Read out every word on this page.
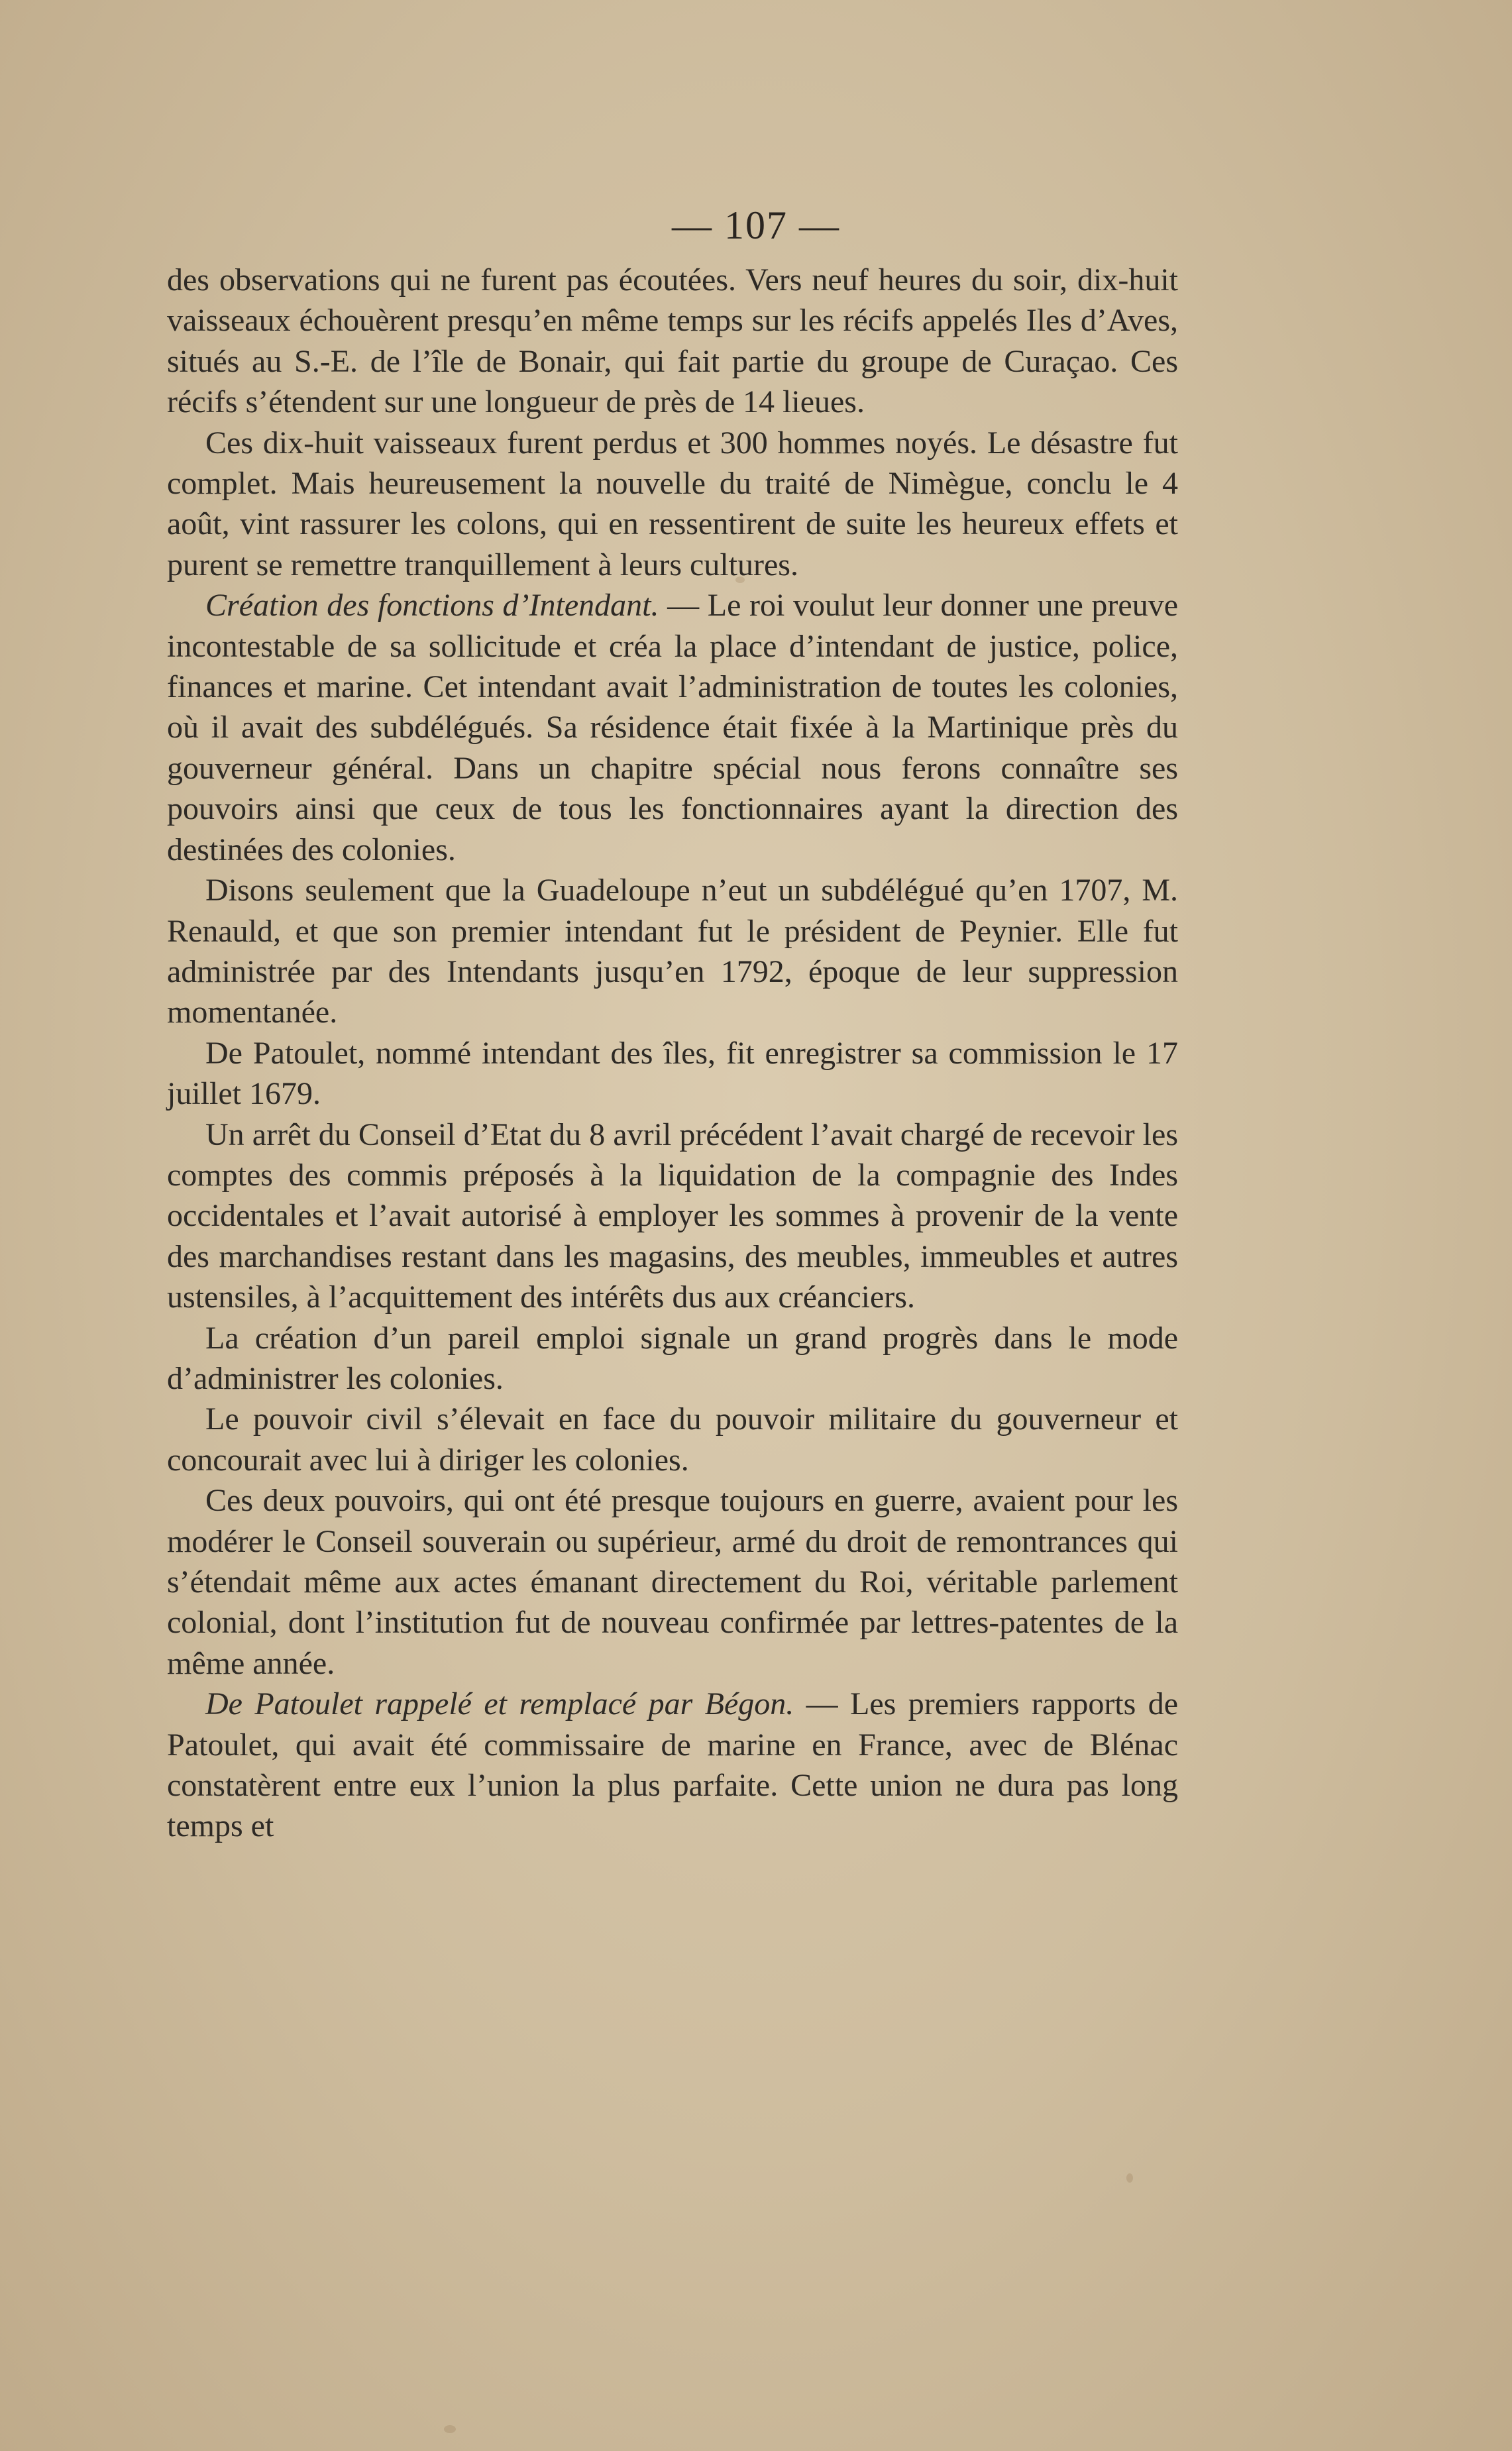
— 107 —

des observations qui ne furent pas écoutées. Vers neuf heures du soir, dix-huit vaisseaux échouèrent presqu’en même temps sur les récifs appelés Iles d’Aves, situés au S.-E. de l’île de Bonair, qui fait partie du groupe de Curaçao. Ces récifs s’étendent sur une longueur de près de 14 lieues.

Ces dix-huit vaisseaux furent perdus et 300 hommes noyés. Le désastre fut complet. Mais heureusement la nouvelle du traité de Nimègue, conclu le 4 août, vint rassurer les colons, qui en ressentirent de suite les heureux effets et purent se remettre tranquillement à leurs cultures.

Création des fonctions d’Intendant. — Le roi voulut leur donner une preuve incontestable de sa sollicitude et créa la place d’intendant de justice, police, finances et marine. Cet intendant avait l’administration de toutes les colonies, où il avait des subdélégués. Sa résidence était fixée à la Martinique près du gouverneur général. Dans un chapitre spécial nous ferons connaître ses pouvoirs ainsi que ceux de tous les fonctionnaires ayant la direction des destinées des colonies.

Disons seulement que la Guadeloupe n’eut un subdélégué qu’en 1707, M. Renauld, et que son premier intendant fut le président de Peynier. Elle fut administrée par des Intendants jusqu’en 1792, époque de leur suppression momentanée.

De Patoulet, nommé intendant des îles, fit enregistrer sa commission le 17 juillet 1679.

Un arrêt du Conseil d’Etat du 8 avril précédent l’avait chargé de recevoir les comptes des commis préposés à la liquidation de la compagnie des Indes occidentales et l’avait autorisé à employer les sommes à provenir de la vente des marchandises restant dans les magasins, des meubles, immeubles et autres ustensiles, à l’acquittement des intérêts dus aux créanciers.

La création d’un pareil emploi signale un grand progrès dans le mode d’administrer les colonies.

Le pouvoir civil s’élevait en face du pouvoir militaire du gouverneur et concourait avec lui à diriger les colonies.

Ces deux pouvoirs, qui ont été presque toujours en guerre, avaient pour les modérer le Conseil souverain ou supérieur, armé du droit de remontrances qui s’étendait même aux actes émanant directement du Roi, véritable parlement colonial, dont l’institution fut de nouveau confirmée par lettres-patentes de la même année.

De Patoulet rappelé et remplacé par Bégon. — Les premiers rapports de Patoulet, qui avait été commissaire de marine en France, avec de Blénac constatèrent entre eux l’union la plus parfaite. Cette union ne dura pas long temps et
